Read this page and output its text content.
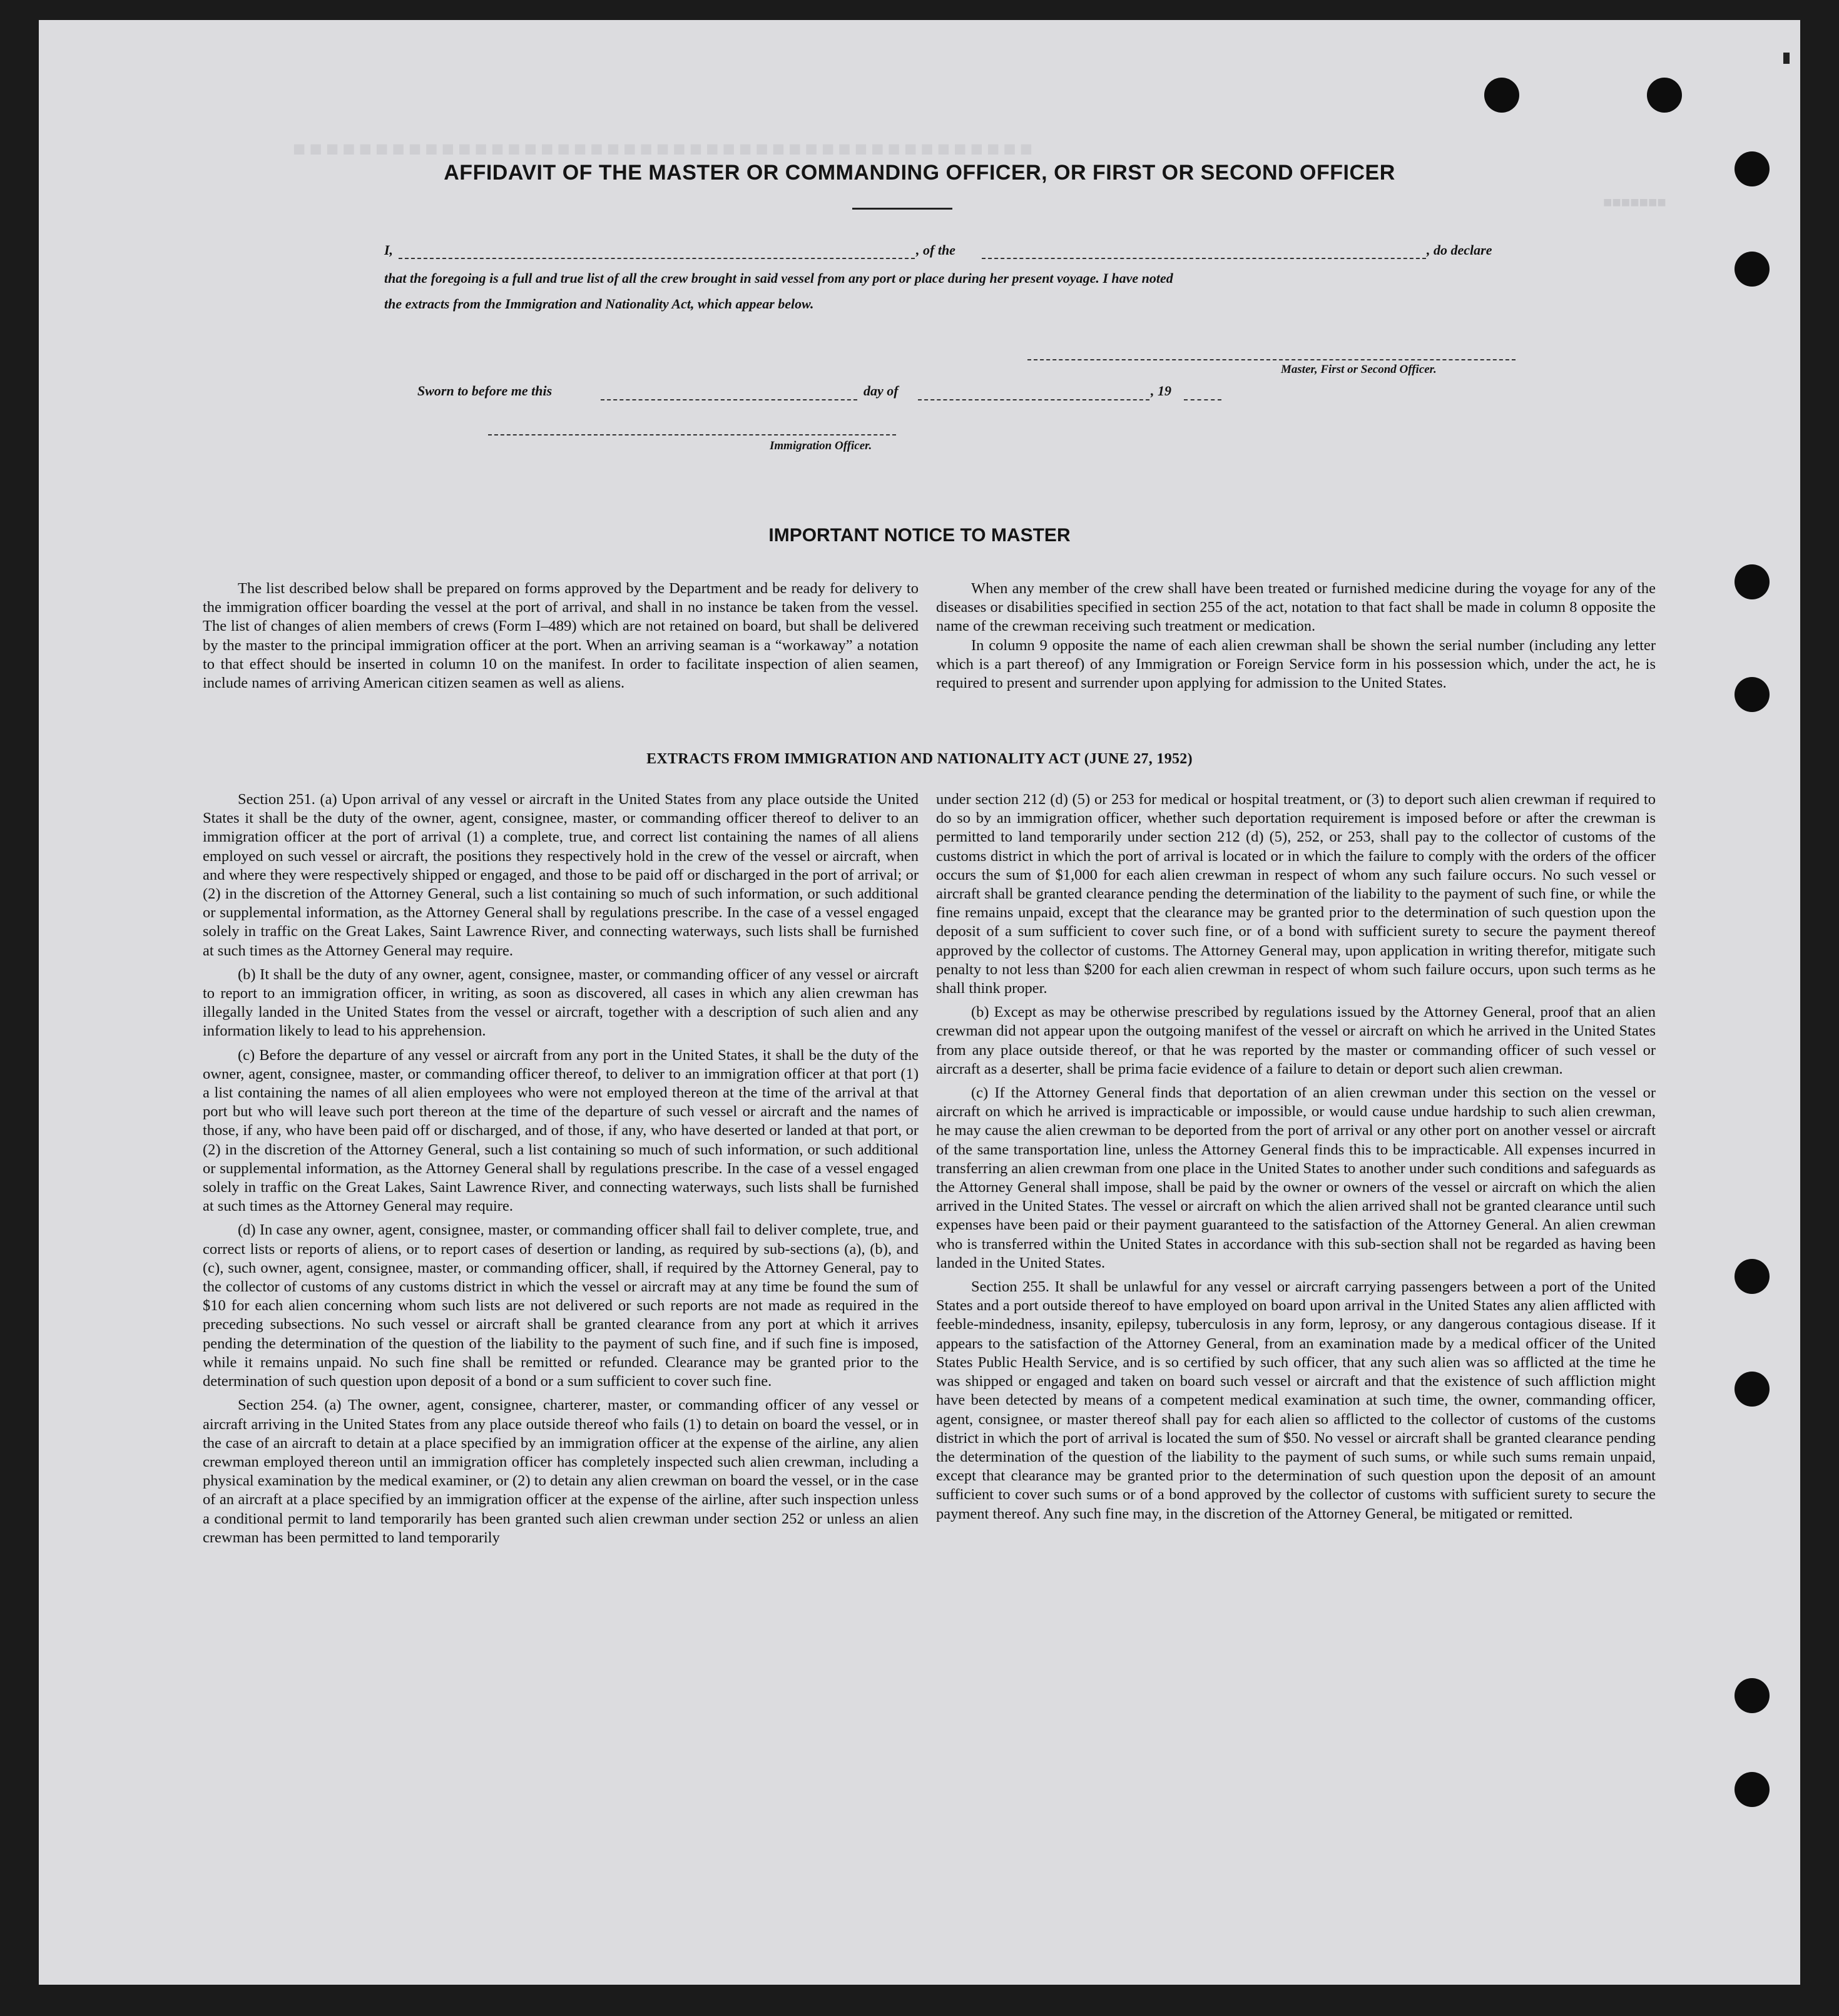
■■■■■■■■■■■■■■■■■■■■■■■■■■■■■■■■■■■■■■■■■■■■■
■■■■■■■
AFFIDAVIT OF THE MASTER OR COMMANDING OFFICER, OR FIRST OR SECOND OFFICER
I,	, of the	, do declare
that the foregoing is a full and true list of all the crew brought in said vessel from any port or place during her present voyage. I have noted
the extracts from the Immigration and Nationality Act, which appear below.
Master, First or Second Officer.
Sworn to before me this	day of	, 19
Immigration Officer.
IMPORTANT NOTICE TO MASTER

The list described below shall be prepared on forms approved by the Department and be ready for delivery to the immigration officer boarding the vessel at the port of arrival, and shall in no instance be taken from the vessel. The list of changes of alien members of crews (Form I–489) which are not retained on board, but shall be delivered by the master to the principal immigration officer at the port. When an arriving seaman is a “workaway” a notation to that effect should be inserted in column 10 on the manifest. In order to facilitate inspection of alien seamen, include names of arriving American citizen seamen as well as aliens.

When any member of the crew shall have been treated or furnished medicine during the voyage for any of the diseases or disabilities specified in section 255 of the act, notation to that fact shall be made in column 8 opposite the name of the crewman receiving such treatment or medication.

In column 9 opposite the name of each alien crewman shall be shown the serial number (including any letter which is a part thereof) of any Immigration or Foreign Service form in his possession which, under the act, he is required to present and surrender upon applying for admission to the United States.

EXTRACTS FROM IMMIGRATION AND NATIONALITY ACT (JUNE 27, 1952)

Section 251. (a) Upon arrival of any vessel or aircraft in the United States from any place outside the United States it shall be the duty of the owner, agent, consignee, master, or commanding officer thereof to deliver to an immigration officer at the port of arrival (1) a complete, true, and correct list containing the names of all aliens employed on such vessel or aircraft, the positions they respectively hold in the crew of the vessel or aircraft, when and where they were respectively shipped or engaged, and those to be paid off or discharged in the port of arrival; or (2) in the discretion of the Attorney General, such a list containing so much of such information, or such additional or supplemental information, as the Attorney General shall by regulations prescribe. In the case of a vessel engaged solely in traffic on the Great Lakes, Saint Lawrence River, and connecting waterways, such lists shall be furnished at such times as the Attorney General may require.

(b) It shall be the duty of any owner, agent, consignee, master, or commanding officer of any vessel or aircraft to report to an immigration officer, in writing, as soon as discovered, all cases in which any alien crewman has illegally landed in the United States from the vessel or aircraft, together with a description of such alien and any information likely to lead to his apprehension.

(c) Before the departure of any vessel or aircraft from any port in the United States, it shall be the duty of the owner, agent, consignee, master, or commanding officer thereof, to deliver to an immigration officer at that port (1) a list containing the names of all alien employees who were not employed thereon at the time of the arrival at that port but who will leave such port thereon at the time of the departure of such vessel or aircraft and the names of those, if any, who have been paid off or discharged, and of those, if any, who have deserted or landed at that port, or (2) in the discretion of the Attorney General, such a list containing so much of such information, or such additional or supplemental information, as the Attorney General shall by regulations prescribe. In the case of a vessel engaged solely in traffic on the Great Lakes, Saint Lawrence River, and connecting waterways, such lists shall be furnished at such times as the Attorney General may require.

(d) In case any owner, agent, consignee, master, or commanding officer shall fail to deliver complete, true, and correct lists or reports of aliens, or to report cases of desertion or landing, as required by sub-sections (a), (b), and (c), such owner, agent, consignee, master, or commanding officer, shall, if required by the Attorney General, pay to the collector of customs of any customs district in which the vessel or aircraft may at any time be found the sum of $10 for each alien concerning whom such lists are not delivered or such reports are not made as required in the preceding subsections. No such vessel or aircraft shall be granted clearance from any port at which it arrives pending the determination of the question of the liability to the payment of such fine, and if such fine is imposed, while it remains unpaid. No such fine shall be remitted or refunded. Clearance may be granted prior to the determination of such question upon deposit of a bond or a sum sufficient to cover such fine.

Section 254. (a) The owner, agent, consignee, charterer, master, or commanding officer of any vessel or aircraft arriving in the United States from any place outside thereof who fails (1) to detain on board the vessel, or in the case of an aircraft to detain at a place specified by an immigration officer at the expense of the airline, any alien crewman employed thereon until an immigration officer has completely inspected such alien crewman, including a physical examination by the medical examiner, or (2) to detain any alien crewman on board the vessel, or in the case of an aircraft at a place specified by an immigration officer at the expense of the airline, after such inspection unless a conditional permit to land temporarily has been granted such alien crewman under section 252 or unless an alien crewman has been permitted to land temporarily

under section 212 (d) (5) or 253 for medical or hospital treatment, or (3) to deport such alien crewman if required to do so by an immigration officer, whether such deportation requirement is imposed before or after the crewman is permitted to land temporarily under section 212 (d) (5), 252, or 253, shall pay to the collector of customs of the customs district in which the port of arrival is located or in which the failure to comply with the orders of the officer occurs the sum of $1,000 for each alien crewman in respect of whom any such failure occurs. No such vessel or aircraft shall be granted clearance pending the determination of the liability to the payment of such fine, or while the fine remains unpaid, except that the clearance may be granted prior to the determination of such question upon the deposit of a sum sufficient to cover such fine, or of a bond with sufficient surety to secure the payment thereof approved by the collector of customs. The Attorney General may, upon application in writing therefor, mitigate such penalty to not less than $200 for each alien crewman in respect of whom such failure occurs, upon such terms as he shall think proper.

(b) Except as may be otherwise prescribed by regulations issued by the Attorney General, proof that an alien crewman did not appear upon the outgoing manifest of the vessel or aircraft on which he arrived in the United States from any place outside thereof, or that he was reported by the master or commanding officer of such vessel or aircraft as a deserter, shall be prima facie evidence of a failure to detain or deport such alien crewman.

(c) If the Attorney General finds that deportation of an alien crewman under this section on the vessel or aircraft on which he arrived is impracticable or impossible, or would cause undue hardship to such alien crewman, he may cause the alien crewman to be deported from the port of arrival or any other port on another vessel or aircraft of the same transportation line, unless the Attorney General finds this to be impracticable. All expenses incurred in transferring an alien crewman from one place in the United States to another under such conditions and safeguards as the Attorney General shall impose, shall be paid by the owner or owners of the vessel or aircraft on which the alien arrived in the United States. The vessel or aircraft on which the alien arrived shall not be granted clearance until such expenses have been paid or their payment guaranteed to the satisfaction of the Attorney General. An alien crewman who is transferred within the United States in accordance with this sub-section shall not be regarded as having been landed in the United States.

Section 255. It shall be unlawful for any vessel or aircraft carrying passengers between a port of the United States and a port outside thereof to have employed on board upon arrival in the United States any alien afflicted with feeble-mindedness, insanity, epilepsy, tuberculosis in any form, leprosy, or any dangerous contagious disease. If it appears to the satisfaction of the Attorney General, from an examination made by a medical officer of the United States Public Health Service, and is so certified by such officer, that any such alien was so afflicted at the time he was shipped or engaged and taken on board such vessel or aircraft and that the existence of such affliction might have been detected by means of a competent medical examination at such time, the owner, commanding officer, agent, consignee, or master thereof shall pay for each alien so afflicted to the collector of customs of the customs district in which the port of arrival is located the sum of $50. No vessel or aircraft shall be granted clearance pending the determination of the question of the liability to the payment of such sums, or while such sums remain unpaid, except that clearance may be granted prior to the determination of such question upon the deposit of an amount sufficient to cover such sums or of a bond approved by the collector of customs with sufficient surety to secure the payment thereof. Any such fine may, in the discretion of the Attorney General, be mitigated or remitted.
